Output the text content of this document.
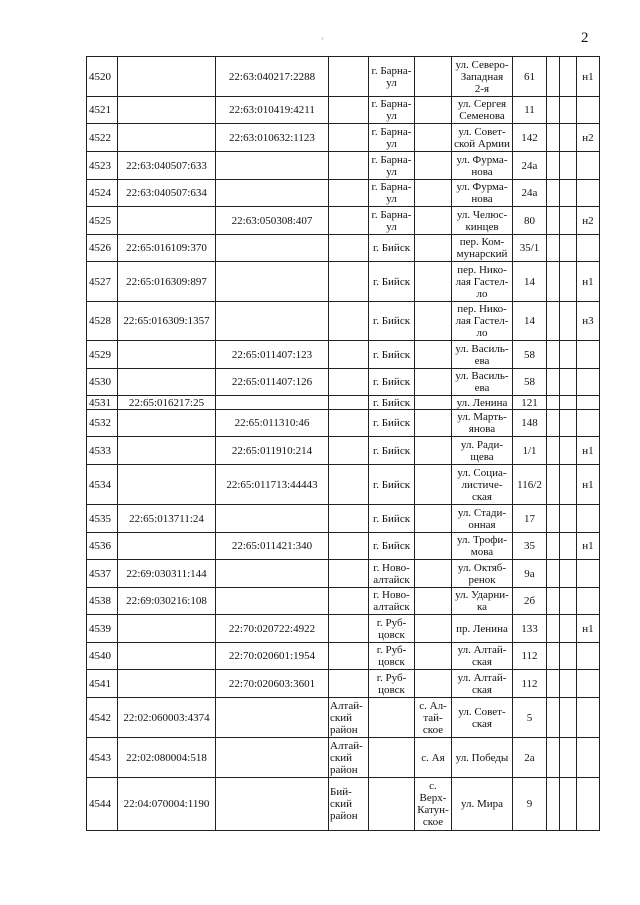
2
'
4520		22:63:040217:2288		г. Барна-
ул		ул. Северо-
Западная
2-я	61			н1
4521		22:63:010419:4211		г. Барна-
ул		ул. Сергея
Семенова	11			
4522		22:63:010632:1123		г. Барна-
ул		ул. Совет-
ской Армии	142			н2
4523	22:63:040507:633			г. Барна-
ул		ул. Фурма-
нова	24а			
4524	22:63:040507:634			г. Барна-
ул		ул. Фурма-
нова	24а			
4525		22:63:050308:407		г. Барна-
ул		ул. Челюс-
кинцев	80			н2
4526	22:65:016109:370			г. Бийск		пер. Ком-
мунарский	35/1			
4527	22:65:016309:897			г. Бийск		пер. Нико-
лая Гастел-
ло	14			н1
4528	22:65:016309:1357			г. Бийск		пер. Нико-
лая Гастел-
ло	14			н3
4529		22:65:011407:123		г. Бийск		ул. Василь-
ева	58			
4530		22:65:011407:126		г. Бийск		ул. Василь-
ева	58			
4531	22:65:016217:25			г. Бийск		ул. Ленина	121			
4532		22:65:011310:46		г. Бийск		ул. Марть-
янова	148			
4533		22:65:011910:214		г. Бийск		ул. Ради-
щева	1/1			н1
4534		22:65:011713:44443		г. Бийск		ул. Социа-
листиче-
ская	116/2			н1
4535	22:65:013711:24			г. Бийск		ул. Стади-
онная	17			
4536		22:65:011421:340		г. Бийск		ул. Трофи-
мова	35			н1
4537	22:69:030311:144			г. Ново-
алтайск		ул. Октяб-
ренок	9а			
4538	22:69:030216:108			г. Ново-
алтайск		ул. Ударни-
ка	2б			
4539		22:70:020722:4922		г. Руб-
цовск		пр. Ленина	133			н1
4540		22:70:020601:1954		г. Руб-
цовск		ул. Алтай-
ская	112			
4541		22:70:020603:3601		г. Руб-
цовск		ул. Алтай-
ская	112			
4542	22:02:060003:4374		Алтай-
ский
район		с. Ал-
тай-
ское	ул. Совет-
ская	5			
4543	22:02:080004:518		Алтай-
ский
район		с. Ая	ул. Победы	2а			
4544	22:04:070004:1190		Бий-
ский
район		с.
Верх-
Катун-
ское	ул. Мира	9			
